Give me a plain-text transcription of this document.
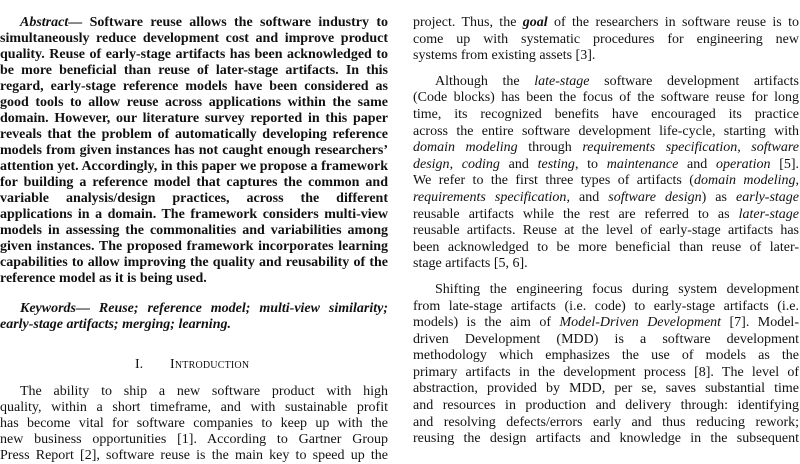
Abstract— Software reuse allows the software industry to
simultaneously reduce development cost and improve product
quality. Reuse of early-stage artifacts has been acknowledged to
be more beneficial than reuse of later-stage artifacts. In this
regard, early-stage reference models have been considered as
good tools to allow reuse across applications within the same
domain. However, our literature survey reported in this paper
reveals that the problem of automatically developing reference
models from given instances has not caught enough researchers’
attention yet. Accordingly, in this paper we propose a framework
for building a reference model that captures the common and
variable analysis/design practices, across the different
applications in a domain. The framework considers multi-view
models in assessing the commonalities and variabilities among
given instances. The proposed framework incorporates learning
capabilities to allow improving the quality and reusability of the
reference model as it is being used.
Keywords— Reuse; reference model; multi-view similarity;
early-stage artifacts; merging; learning.
I. Introduction
The ability to ship a new software product with high
quality, within a short timeframe, and with sustainable profit
has become vital for software companies to keep up with the
new business opportunities [1]. According to Gartner Group
Press Report [2], software reuse is the main key to speed up the
project. Thus, the goal of the researchers in software reuse is to
come up with systematic procedures for engineering new
systems from existing assets [3].
Although the late-stage software development artifacts
(Code blocks) has been the focus of the software reuse for long
time, its recognized benefits have encouraged its practice
across the entire software development life-cycle, starting with
domain modeling through requirements specification, software
design, coding and testing, to maintenance and operation [5].
We refer to the first three types of artifacts (domain modeling,
requirements specification, and software design) as early-stage
reusable artifacts while the rest are referred to as later-stage
reusable artifacts. Reuse at the level of early-stage artifacts has
been acknowledged to be more beneficial than reuse of later-
stage artifacts [5, 6].
Shifting the engineering focus during system development
from late-stage artifacts (i.e. code) to early-stage artifacts (i.e.
models) is the aim of Model-Driven Development [7]. Model-
driven Development (MDD) is a software development
methodology which emphasizes the use of models as the
primary artifacts in the development process [8]. The level of
abstraction, provided by MDD, per se, saves substantial time
and resources in production and delivery through: identifying
and resolving defects/errors early and thus reducing rework;
reusing the design artifacts and knowledge in the subsequent
